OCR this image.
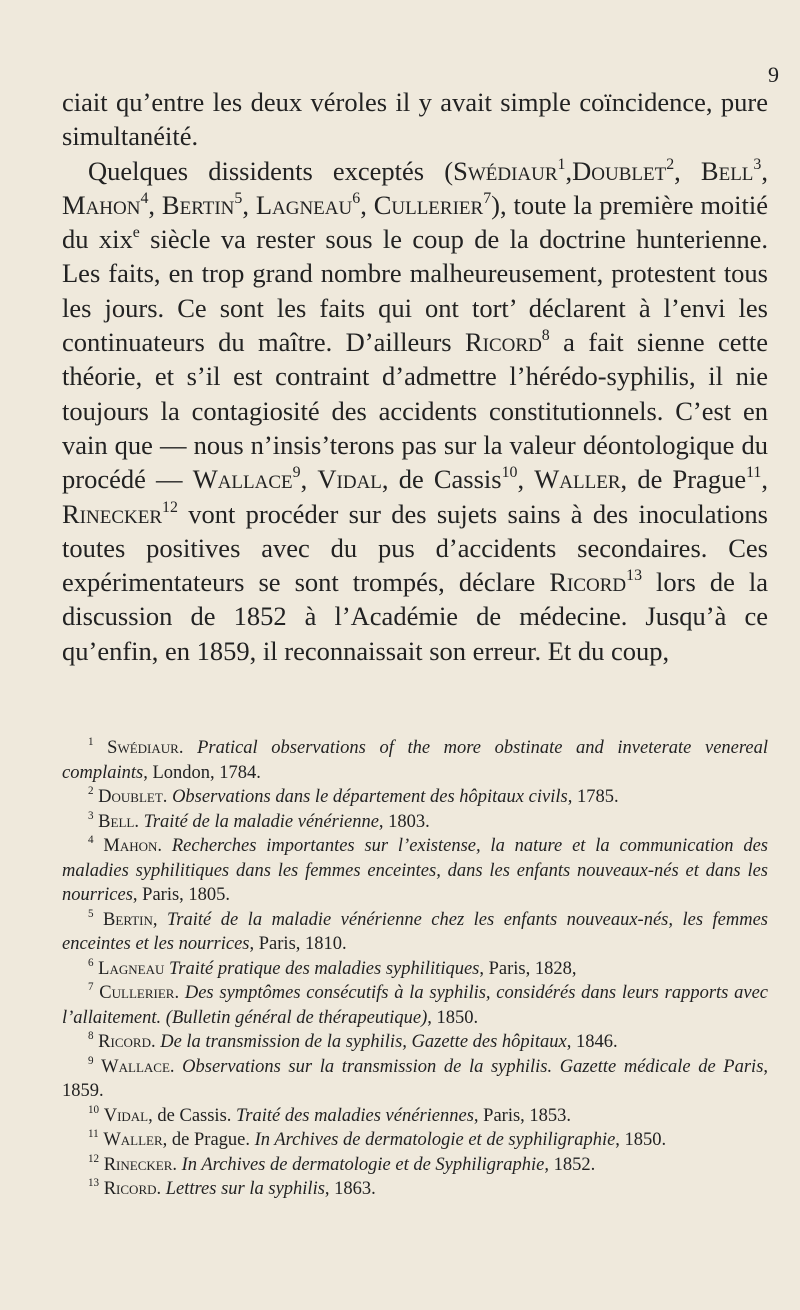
9

ciait qu’entre les deux véroles il y avait simple coïncidence, pure simultanéité.

Quelques dissidents exceptés (Swédiaur$^1$,Doublet$^2$, Bell$^3$, Mahon$^4$, Bertin$^5$, Lagneau$^6$, Cullerier$^7$), toute la première moitié du xix$^e$ siècle va rester sous le coup de la doctrine hunterienne. Les faits, en trop grand nombre malheureusement, protestent tous les jours. Ce sont les faits qui ont tort’ déclarent à l’envi les continuateurs du maître. D’ailleurs Ricord$^8$ a fait sienne cette théorie, et s’il est contraint d’admettre l’hérédo-syphilis, il nie toujours la contagiosité des accidents constitutionnels. C’est en vain que — nous n’insis’terons pas sur la valeur déontologique du procédé — Wallace$^9$, Vidal, de Cassis$^{10}$, Waller, de Prague$^{11}$, Rinecker$^{12}$ vont procéder sur des sujets sains à des inoculations toutes positives avec du pus d’accidents secondaires. Ces expérimentateurs se sont trompés, déclare Ricord$^{13}$ lors de la discussion de 1852 à l’Académie de médecine. Jusqu’à ce qu’enfin, en 1859, il reconnaissait son erreur. Et du coup,

$^1$ Swédiaur. Pratical observations of the more obstinate and inveterate venereal complaints, London, 1784.

$^2$ Doublet. Observations dans le département des hôpitaux civils, 1785.

$^3$ Bell. Traité de la maladie vénérienne, 1803.

$^4$ Mahon. Recherches importantes sur l’existense, la nature et la communication des maladies syphilitiques dans les femmes enceintes, dans les enfants nouveaux-nés et dans les nourrices, Paris, 1805.

$^5$ Bertin, Traité de la maladie vénérienne chez les enfants nouveaux-nés, les femmes enceintes et les nourrices, Paris, 1810.

$^6$ Lagneau Traité pratique des maladies syphilitiques, Paris, 1828,

$^7$ Cullerier. Des symptômes consécutifs à la syphilis, considérés dans leurs rapports avec l’allaitement. (Bulletin général de thérapeutique), 1850.

$^8$ Ricord. De la transmission de la syphilis, Gazette des hôpitaux, 1846.

$^9$ Wallace. Observations sur la transmission de la syphilis. Gazette médicale de Paris, 1859.

$^{10}$ Vidal, de Cassis. Traité des maladies vénériennes, Paris, 1853.

$^{11}$ Waller, de Prague. In Archives de dermatologie et de syphiligraphie, 1850.

$^{12}$ Rinecker. In Archives de dermatologie et de Syphiligraphie, 1852.

$^{13}$ Ricord. Lettres sur la syphilis, 1863.
